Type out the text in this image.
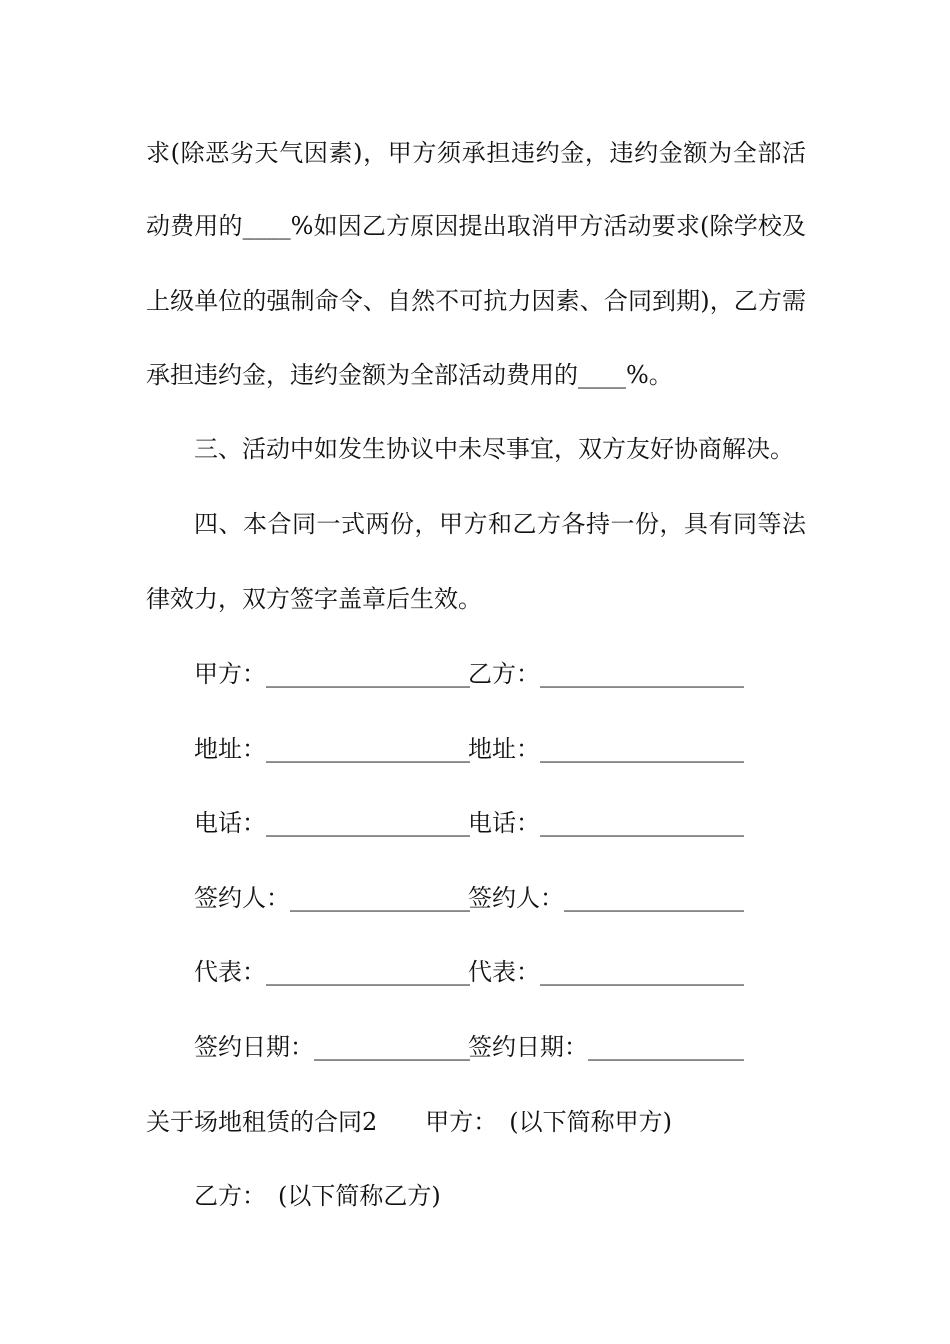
求(除恶劣天气因素)，甲方须承担违约金，违约金额为全部活

动费用的____%如因乙方原因提出取消甲方活动要求(除学校及

上级单位的强制命令、自然不可抗力因素、合同到期)，乙方需

承担违约金，违约金额为全部活动费用的____%。

三、活动中如发生协议中未尽事宜，双方友好协商解决。

四、本合同一式两份，甲方和乙方各持一份，具有同等法

律效力，双方签字盖章后生效。

甲方：_________________
乙方：_________________
地址：_________________
地址：_________________
电话：_________________
电话：_________________
签约人：_______________
签约人：_______________
代表：_________________
代表：_________________
签约日期：_____________
签约日期：_____________

关于场地租赁的合同2　　甲方：　(以下简称甲方)

乙方：　(以下简称乙方)
